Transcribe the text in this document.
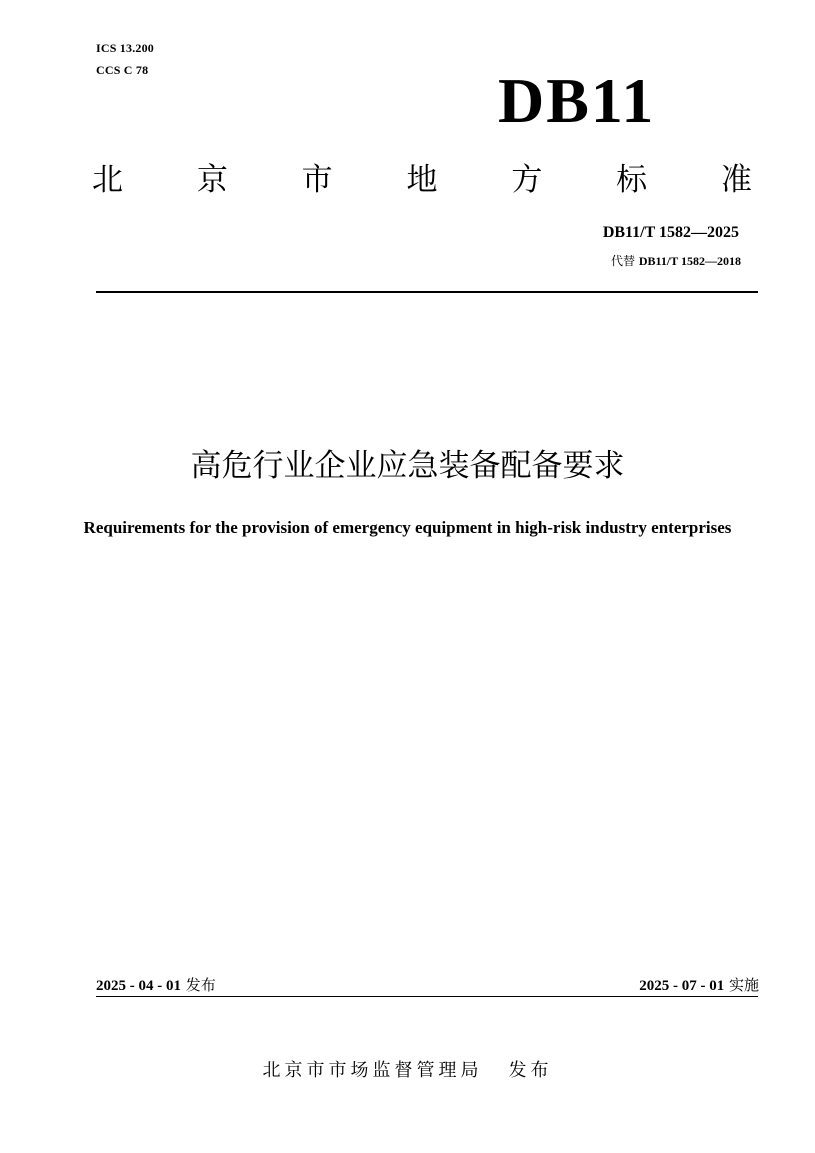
ICS 13.200
CCS C 78	DB11
北 京 市 地 方 标 准
DB11/T 1582—2025
代替 DB11/T 1582—2018
高危行业企业应急装备配备要求
Requirements for the provision of emergency equipment in high-risk industry enterprises
2025 - 04 - 01 发布	2025 - 07 - 01 实施
北京市市场监督管理局 发布
